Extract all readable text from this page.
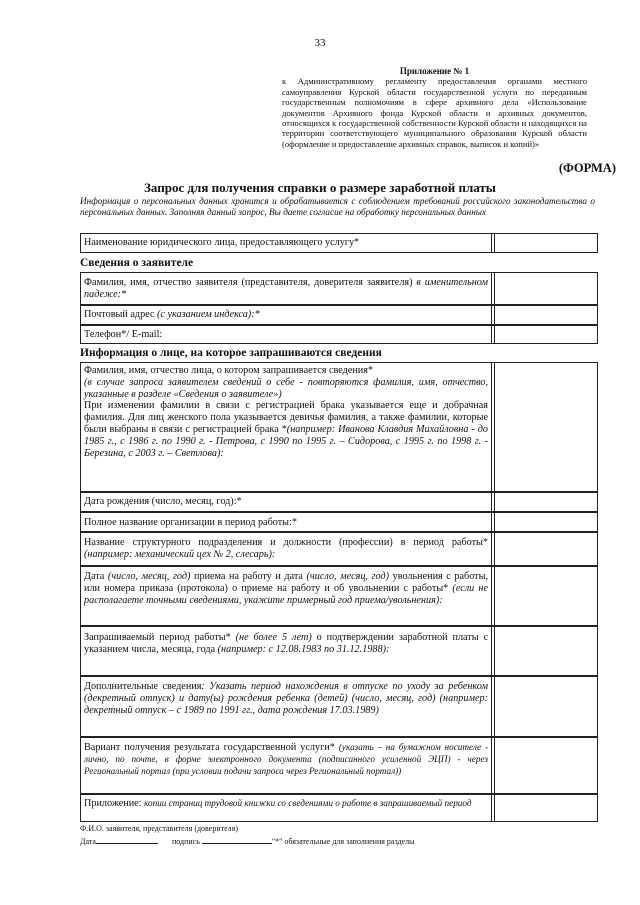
33
Приложение № 1
к Административному регламенту предоставления органами местного самоуправления Курской области государственной услуги по переданным государственным полномочиям в сфере архивного дела «Использование документов Архивного фонда Курской области и архивных документов, относящихся к государственной собственности Курской области и находящихся на территории соответствующего муниципального образования Курской области (оформление и предоставление архивных справок, выписок и копий)»
(ФОРМА)
Запрос для получения справки о размере заработной платы
Информация о персональных данных хранится и обрабатывается с соблюдением требований российского законодательства о персональных данных. Заполняя данный запрос, Вы даете согласие на обработку персональных данных
Наименование юридического лица, предоставляющего услугу*
Сведения о заявителе
Фамилия, имя, отчество заявителя (представителя, доверителя заявителя) в именительном падеже:*
Почтовый адрес (с указанием индекса):*
Телефон*/ E-mail:
Информация о лице, на которое запрашиваются сведения
Фамилия, имя, отчество лица, о котором запрашивается сведения*
(в случае запроса заявителем сведений о себе - повторяются фамилия, имя, отчество, указанные в разделе «Сведения о заявителе»)
При изменении фамилии в связи с регистрацией брака указывается еще и добрачная фамилия. Для лиц женского пола указывается девичья фамилия, а также фамилии, которые были выбраны в связи с регистрацией брака *(например: Иванова Клавдия Михайловна - до 1985 г., с 1986 г. по 1990 г. - Петрова, с 1990 по 1995 г. – Сидорова, с 1995 г. по 1998 г. - Березина, с 2003 г. – Светлова):
Дата рождения (число, месяц, год):*
Полное название организации в период работы:*
Название структурного подразделения и должности (профессии) в период работы* (например: механический цех № 2, слесарь):
Дата (число, месяц, год) приема на работу и дата (число, месяц, год) увольнения с работы, или номера приказа (протокола) о приеме на работу и об увольнении с работы* (если не располагаете точными сведениями, укажите примерный год приема/увольнения):
Запрашиваемый период работы* (не более 5 лет) о подтверждении заработной платы с указанием числа, месяца, года (например: с 12.08.1983 по 31.12.1988):
Дополнительные сведения: Указать период нахождения в отпуске по уходу за ребенком (декретный отпуск) и дату(ы) рождения ребенка (детей) (число, месяц, год) (например: декретный отпуск – с 1989 по 1991 гг., дата рождения 17.03.1989)
Вариант получения результата государственной услуги* (указать – на бумажном носителе - лично, по почте, в форме электронного документа (подписанного усиленной ЭЦП) - через Региональный портал (при условии подачи запроса через Региональный портал))
Приложение: копии страниц трудовой книжки со сведениями о работе в запрашиваемый период
Ф.И.О. заявителя, представителя (доверителя)
Дата	подпись	"*" обязательные для заполнения разделы
